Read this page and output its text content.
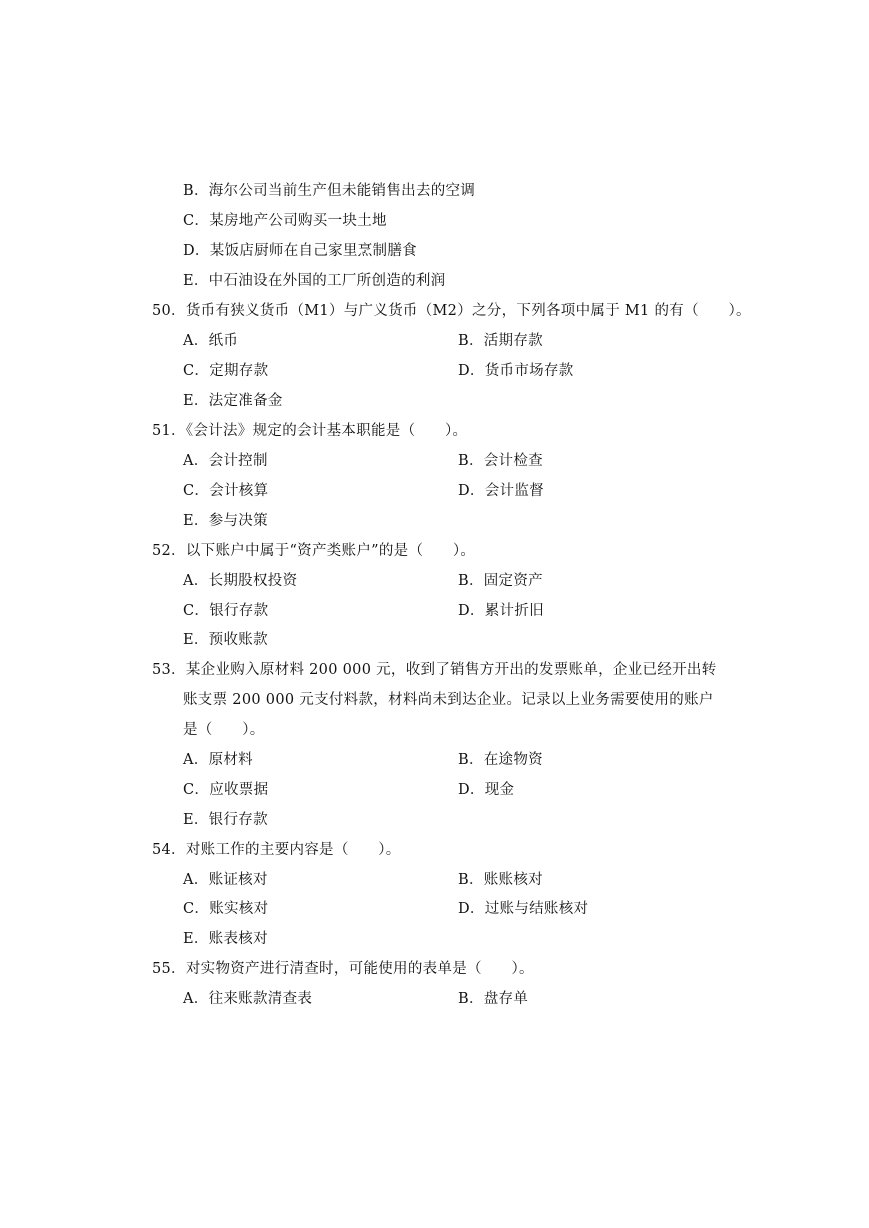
B．海尔公司当前生产但未能销售出去的空调
C．某房地产公司购买一块土地
D．某饭店厨师在自己家里烹制膳食
E．中石油设在外国的工厂所创造的利润
50．货币有狭义货币（M1）与广义货币（M2）之分，下列各项中属于 M1 的有（　　）。
A．纸币	B．活期存款
C．定期存款	D．货币市场存款
E．法定准备金
51．《会计法》规定的会计基本职能是（　　）。
A．会计控制	B．会计检查
C．会计核算	D．会计监督
E．参与决策
52．以下账户中属于“资产类账户”的是（　　）。
A．长期股权投资	B．固定资产
C．银行存款	D．累计折旧
E．预收账款
53．某企业购入原材料 200 000 元，收到了销售方开出的发票账单，企业已经开出转
账支票 200 000 元支付料款，材料尚未到达企业。记录以上业务需要使用的账户
是（　　）。
A．原材料	B．在途物资
C．应收票据	D．现金
E．银行存款
54．对账工作的主要内容是（　　）。
A．账证核对	B．账账核对
C．账实核对	D．过账与结账核对
E．账表核对
55．对实物资产进行清查时，可能使用的表单是（　　）。
A．往来账款清查表	B．盘存单
